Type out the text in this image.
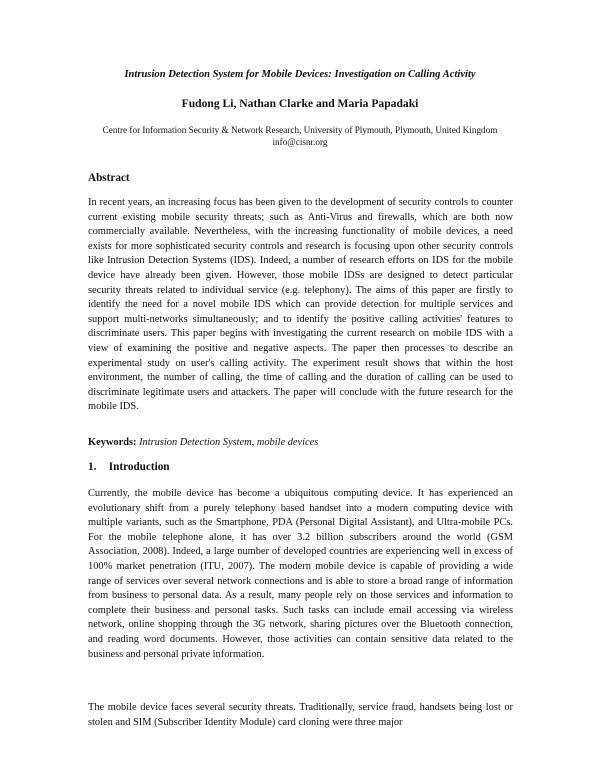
Intrusion Detection System for Mobile Devices: Investigation on Calling Activity
Fudong Li, Nathan Clarke and Maria Papadaki
Centre for Information Security & Network Research, University of Plymouth, Plymouth, United Kingdom
info@cisnr.org
Abstract

In recent years, an increasing focus has been given to the development of security controls to counter current existing mobile security threats; such as Anti-Virus and firewalls, which are both now commercially available. Nevertheless, with the increasing functionality of mobile devices, a need exists for more sophisticated security controls and research is focusing upon other security controls like Intrusion Detection Systems (IDS). Indeed, a number of research efforts on IDS for the mobile device have already been given. However, those mobile IDSs are designed to detect particular security threats related to individual service (e.g. telephony). The aims of this paper are firstly to identify the need for a novel mobile IDS which can provide detection for multiple services and support multi-networks simultaneously; and to identify the positive calling activities' features to discriminate users. This paper begins with investigating the current research on mobile IDS with a view of examining the positive and negative aspects. The paper then processes to describe an experimental study on user's calling activity. The experiment result shows that within the host environment, the number of calling, the time of calling and the duration of calling can be used to discriminate legitimate users and attackers. The paper will conclude with the future research for the mobile IDS.

Keywords: Intrusion Detection System, mobile devices
1. Introduction

Currently, the mobile device has become a ubiquitous computing device. It has experienced an evolutionary shift from a purely telephony based handset into a modern computing device with multiple variants, such as the Smartphone, PDA (Personal Digital Assistant), and Ultra-mobile PCs. For the mobile telephone alone, it has over 3.2 billion subscribers around the world (GSM Association, 2008). Indeed, a large number of developed countries are experiencing well in excess of 100% market penetration (ITU, 2007). The modern mobile device is capable of providing a wide range of services over several network connections and is able to store a broad range of information from business to personal data. As a result, many people rely on those services and information to complete their business and personal tasks. Such tasks can include email accessing via wireless network, online shopping through the 3G network, sharing pictures over the Bluetooth connection, and reading word documents. However, those activities can contain sensitive data related to the business and personal private information.

The mobile device faces several security threats. Traditionally, service fraud, handsets being lost or stolen and SIM (Subscriber Identity Module) card cloning were three major
